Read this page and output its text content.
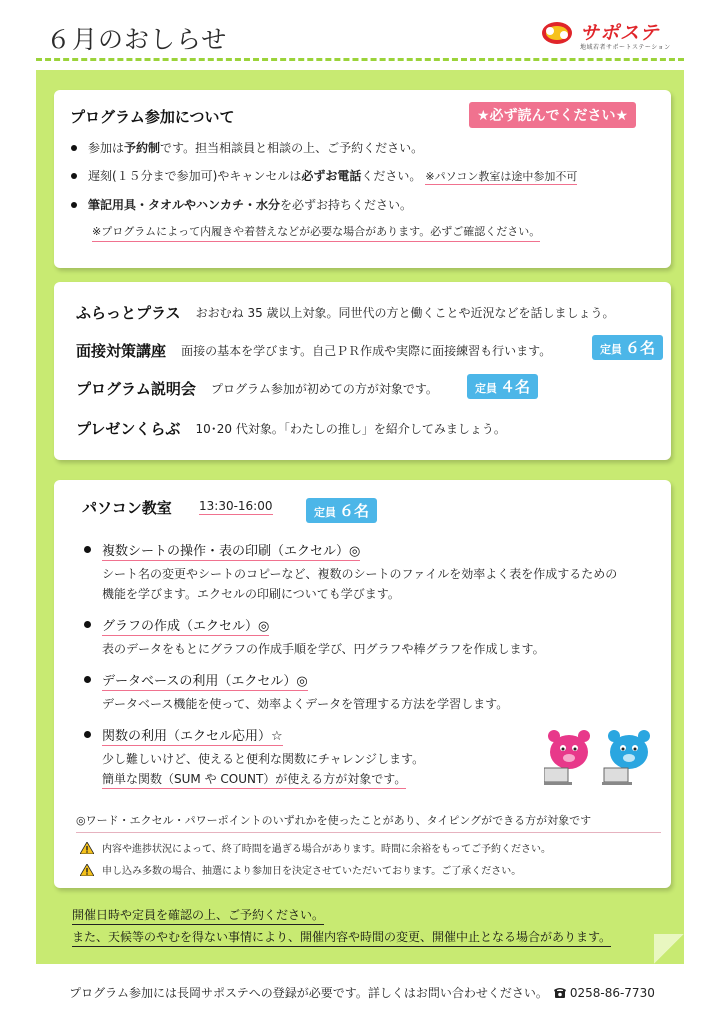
６月のおしらせ	サポステ
地域若者サポートステーション
プログラム参加について	★必ず読んでください★
参加は予約制です。担当相談員と相談の上、ご予約ください。
遅刻(１５分まで参加可)やキャンセルは必ずお電話ください。 ※パソコン教室は途中参加不可
筆記用具・タオルやハンカチ・水分を必ずお持ちください。
※プログラムによって内履きや着替えなどが必要な場合があります。必ずご確認ください。
ふらっとプラス おおむね 35 歳以上対象。同世代の方と働くことや近況などを話しましょう。
面接対策講座 面接の基本を学びます。自己ＰＲ作成や実際に面接練習も行います。	定員 ６名
プログラム説明会 プログラム参加が初めての方が対象です。	定員 ４名
プレゼンくらぶ 10･20 代対象。「わたしの推し」を紹介してみましょう。
パソコン教室 13:30-16:00	定員 ６名
複数シートの操作・表の印刷（エクセル）◎
シート名の変更やシートのコピーなど、複数のシートのファイルを効率よく表を作成するための
機能を学びます。エクセルの印刷についても学びます。
グラフの作成（エクセル）◎
表のデータをもとにグラフの作成手順を学び、円グラフや棒グラフを作成します。
データベースの利用（エクセル）◎
データベース機能を使って、効率よくデータを管理する方法を学習します。
関数の利用（エクセル応用）☆
少し難しいけど、使えると便利な関数にチャレンジします。
簡単な関数（SUM や COUNT）が使える方が対象です。
◎ワード・エクセル・パワーポイントのいずれかを使ったことがあり、タイピングができる方が対象です
内容や進捗状況によって、終了時間を過ぎる場合があります。時間に余裕をもってご予約ください。
申し込み多数の場合、抽選により参加日を決定させていただいております。ご了承ください。
開催日時や定員を確認の上、ご予約ください。
また、天候等のやむを得ない事情により、開催内容や時間の変更、開催中止となる場合があります。
プログラム参加には長岡サポステへの登録が必要です。詳しくはお問い合わせください。 0258-86-7730
